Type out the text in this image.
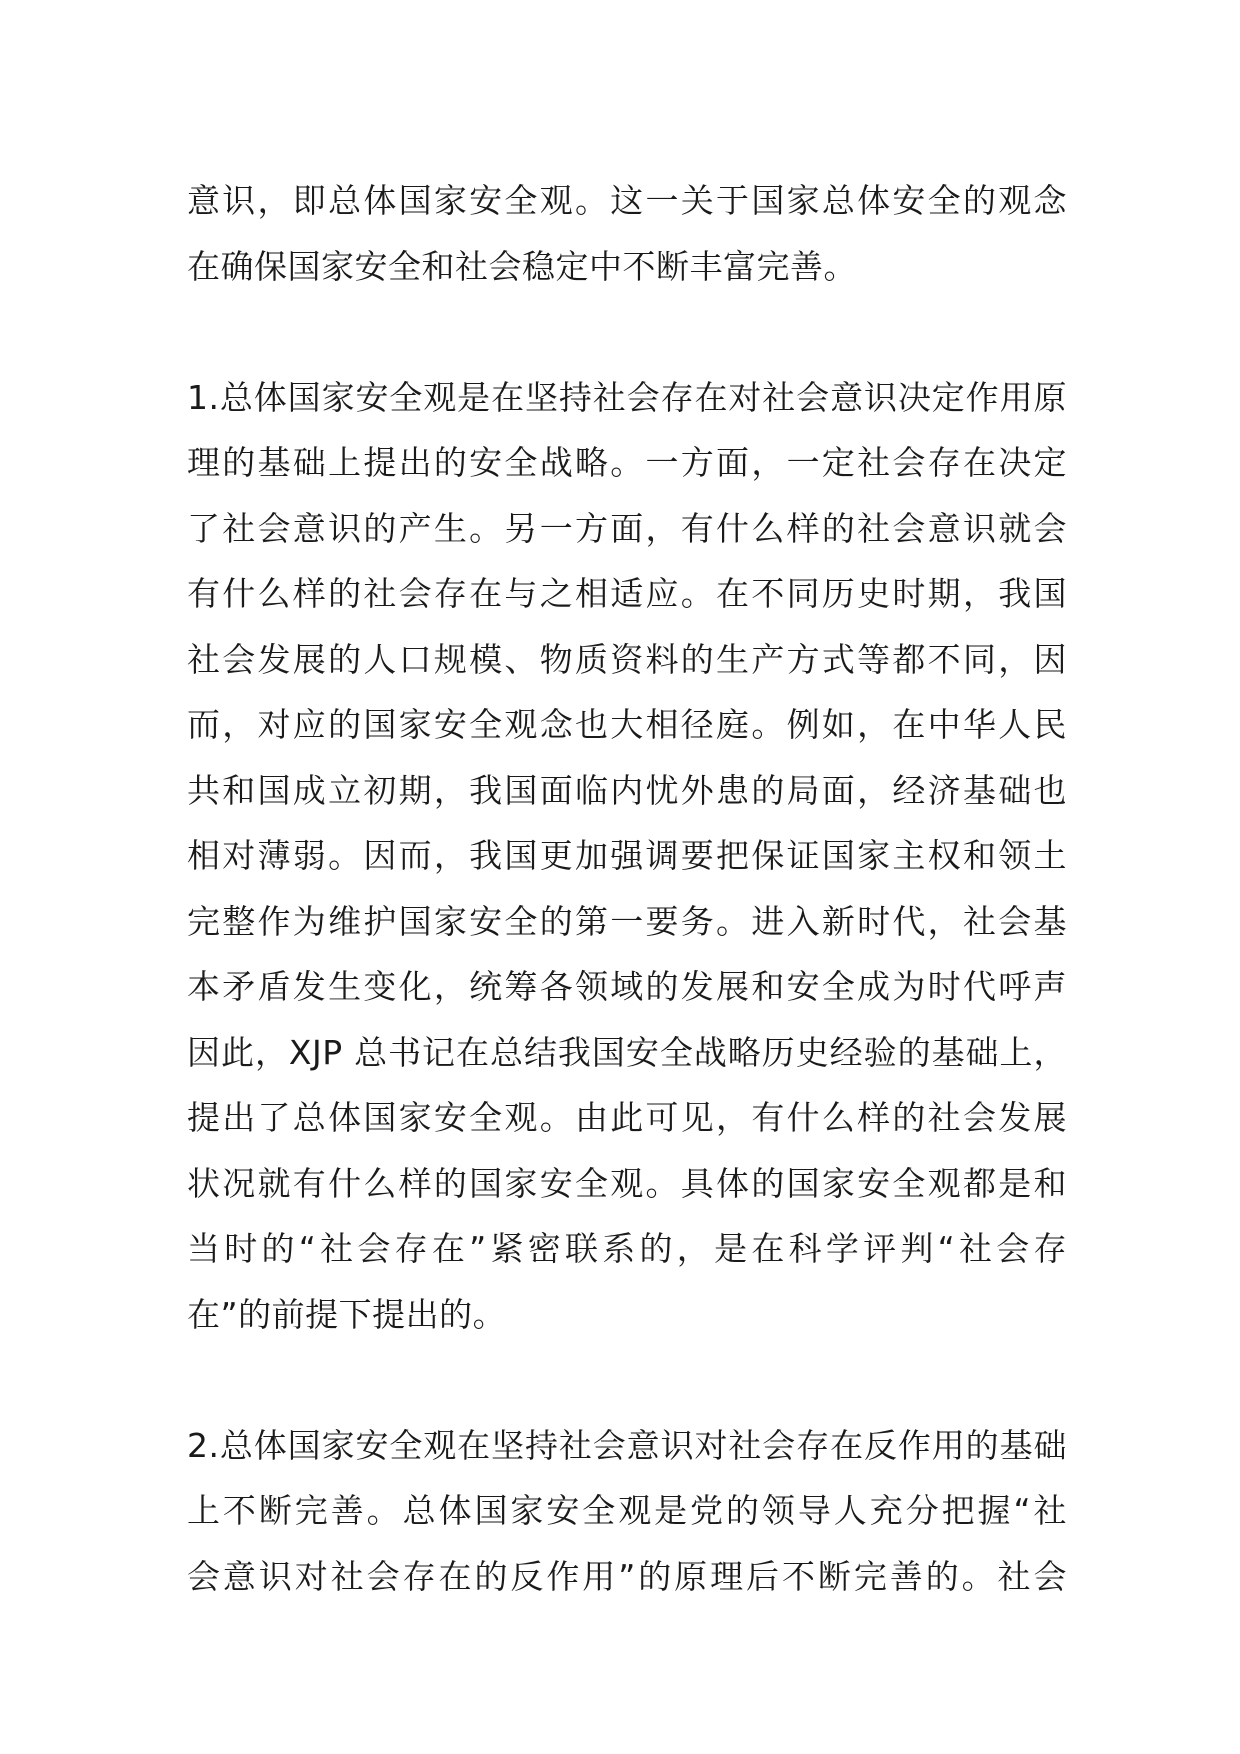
意识，即总体国家安全观。这一关于国家总体安全的观念
在确保国家安全和社会稳定中不断丰富完善。

1.总体国家安全观是在坚持社会存在对社会意识决定作用原
理的基础上提出的安全战略。一方面，一定社会存在决定
了社会意识的产生。另一方面，有什么样的社会意识就会
有什么样的社会存在与之相适应。在不同历史时期，我国
社会发展的人口规模、物质资料的生产方式等都不同，因
而，对应的国家安全观念也大相径庭。例如，在中华人民
共和国成立初期，我国面临内忧外患的局面，经济基础也
相对薄弱。因而，我国更加强调要把保证国家主权和领土
完整作为维护国家安全的第一要务。进入新时代，社会基
本矛盾发生变化，统筹各领域的发展和安全成为时代呼声
因此，XJP 总书记在总结我国安全战略历史经验的基础上，
提出了总体国家安全观。由此可见，有什么样的社会发展
状况就有什么样的国家安全观。具体的国家安全观都是和
当时的“社会存在”紧密联系的，是在科学评判“社会存
在”的前提下提出的。

2.总体国家安全观在坚持社会意识对社会存在反作用的基础
上不断完善。总体国家安全观是党的领导人充分把握“社
会意识对社会存在的反作用”的原理后不断完善的。社会
